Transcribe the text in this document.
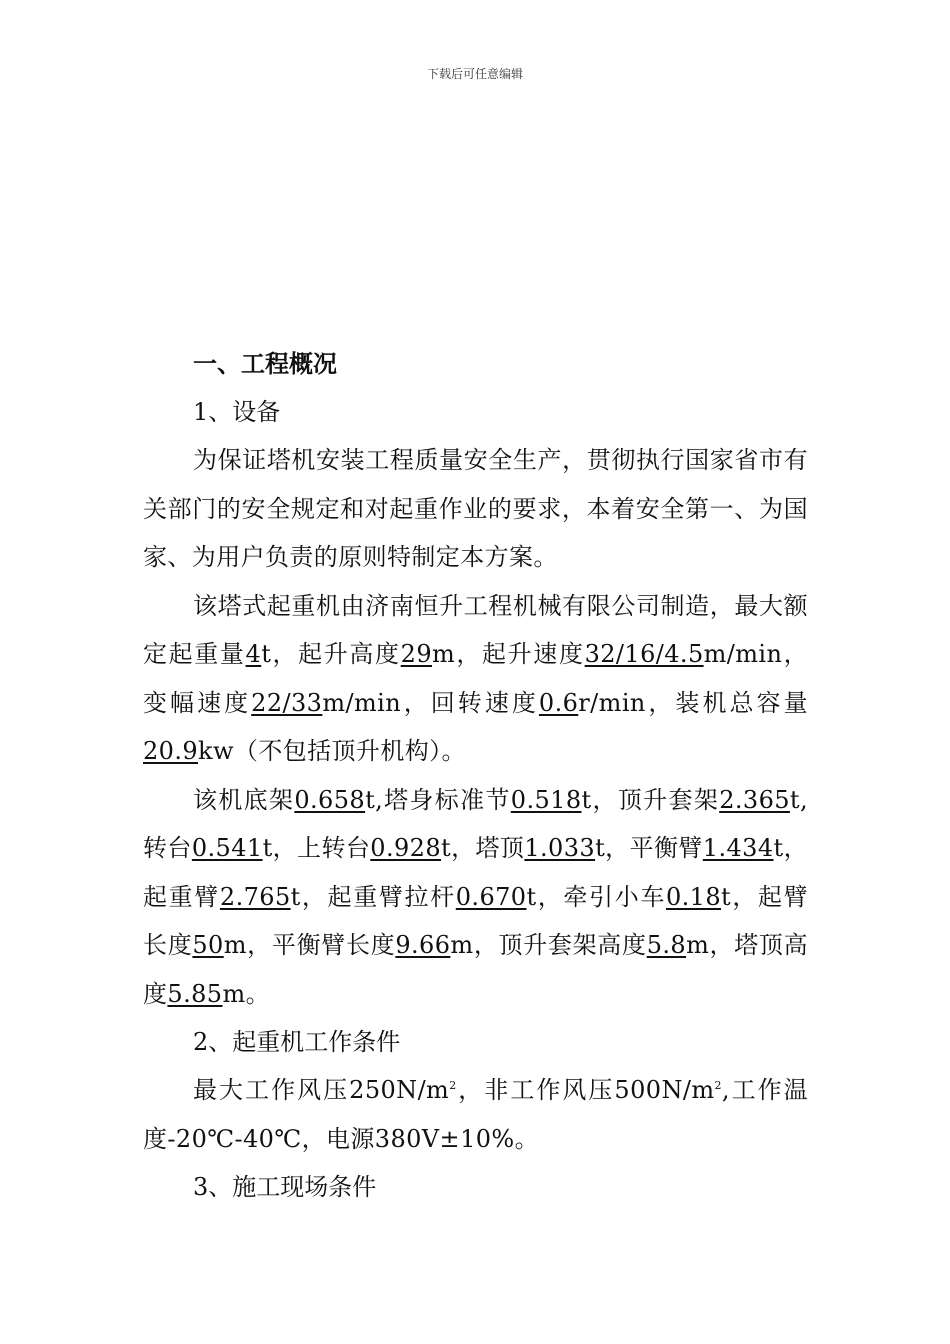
下载后可任意编辑
一、工程概况
1、设备
为保证塔机安装工程质量安全生产，贯彻执行国家省市有关部门的安全规定和对起重作业的要求，本着安全第一、为国家、为用户负责的原则特制定本方案。
该塔式起重机由济南恒升工程机械有限公司制造，最大额定起重量4t，起升高度29m，起升速度32/16/4.5m/min，变幅速度22/33m/min，回转速度0.6r/min，装机总容量20.9kw（不包括顶升机构）。
该机底架0.658t,塔身标准节0.518t，顶升套架2.365t,转台0.541t，上转台0.928t，塔顶1.033t，平衡臂1.434t，起重臂2.765t，起重臂拉杆0.670t，牵引小车0.18t，起臂长度50m，平衡臂长度9.66m，顶升套架高度5.8m，塔顶高度5.85m。
2、起重机工作条件
最大工作风压$250N/m^2$，非工作风压$500N/m^2$,工作温度-20℃-40℃，电源380V±10%。
3、施工现场条件
